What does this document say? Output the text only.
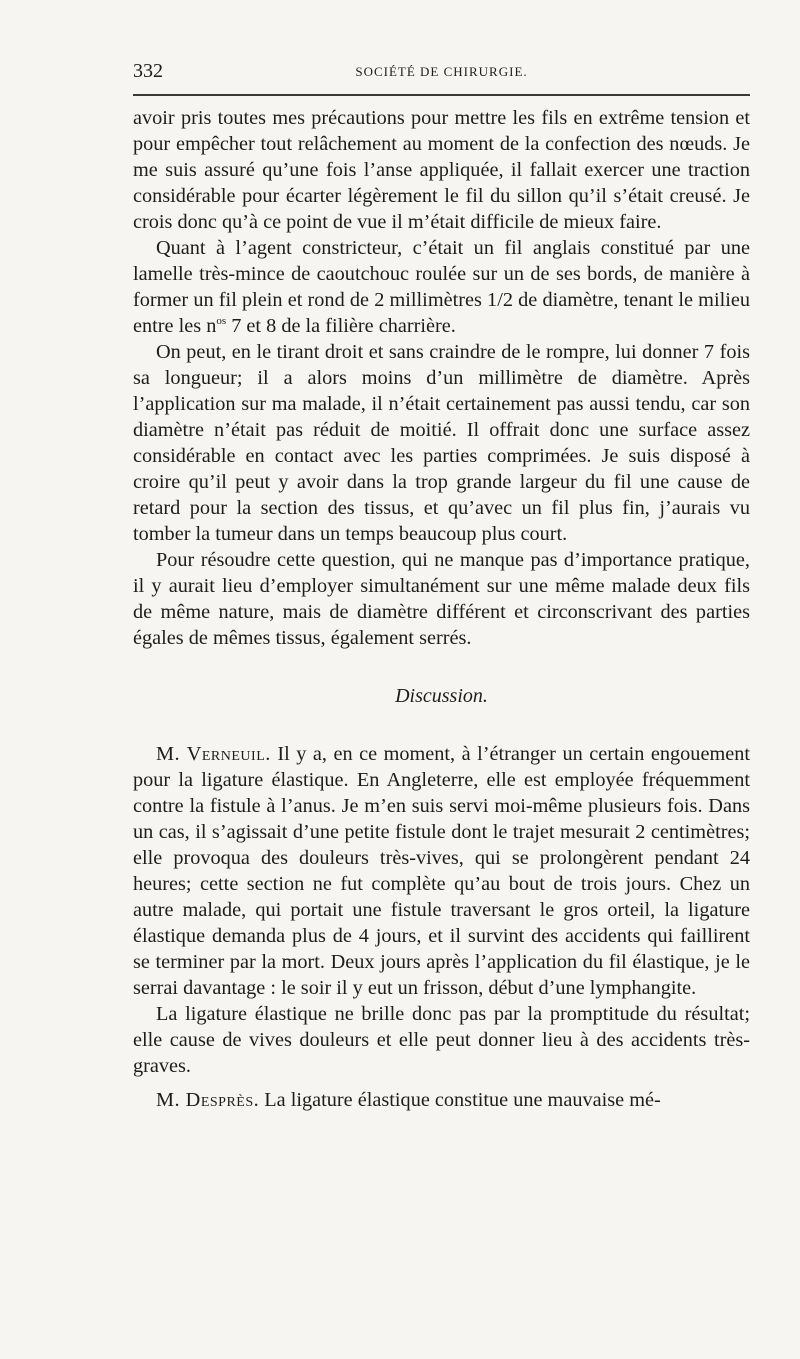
332	SOCIÉTÉ DE CHIRURGIE.

avoir pris toutes mes précautions pour mettre les fils en extrême tension et pour empêcher tout relâchement au moment de la confection des nœuds. Je me suis assuré qu’une fois l’anse appliquée, il fallait exercer une traction considérable pour écarter légèrement le fil du sillon qu’il s’était creusé. Je crois donc qu’à ce point de vue il m’était difficile de mieux faire.

Quant à l’agent constricteur, c’était un fil anglais constitué par une lamelle très-mince de caoutchouc roulée sur un de ses bords, de manière à former un fil plein et rond de 2 millimètres 1/2 de diamètre, tenant le milieu entre les $n^{os}$ 7 et 8 de la filière charrière.

On peut, en le tirant droit et sans craindre de le rompre, lui donner 7 fois sa longueur; il a alors moins d’un millimètre de diamètre. Après l’application sur ma malade, il n’était certainement pas aussi tendu, car son diamètre n’était pas réduit de moitié. Il offrait donc une surface assez considérable en contact avec les parties comprimées. Je suis disposé à croire qu’il peut y avoir dans la trop grande largeur du fil une cause de retard pour la section des tissus, et qu’avec un fil plus fin, j’aurais vu tomber la tumeur dans un temps beaucoup plus court.

Pour résoudre cette question, qui ne manque pas d’importance pratique, il y aurait lieu d’employer simultanément sur une même malade deux fils de même nature, mais de diamètre différent et circonscrivant des parties égales de mêmes tissus, également serrés.

Discussion.

M. Verneuil. Il y a, en ce moment, à l’étranger un certain engouement pour la ligature élastique. En Angleterre, elle est employée fréquemment contre la fistule à l’anus. Je m’en suis servi moi-même plusieurs fois. Dans un cas, il s’agissait d’une petite fistule dont le trajet mesurait 2 centimètres; elle provoqua des douleurs très-vives, qui se prolongèrent pendant 24 heures; cette section ne fut complète qu’au bout de trois jours. Chez un autre malade, qui portait une fistule traversant le gros orteil, la ligature élastique demanda plus de 4 jours, et il survint des accidents qui faillirent se terminer par la mort. Deux jours après l’application du fil élastique, je le serrai davantage : le soir il y eut un frisson, début d’une lymphangite.

La ligature élastique ne brille donc pas par la promptitude du résultat; elle cause de vives douleurs et elle peut donner lieu à des accidents très-graves.

M. Desprès. La ligature élastique constitue une mauvaise mé-
